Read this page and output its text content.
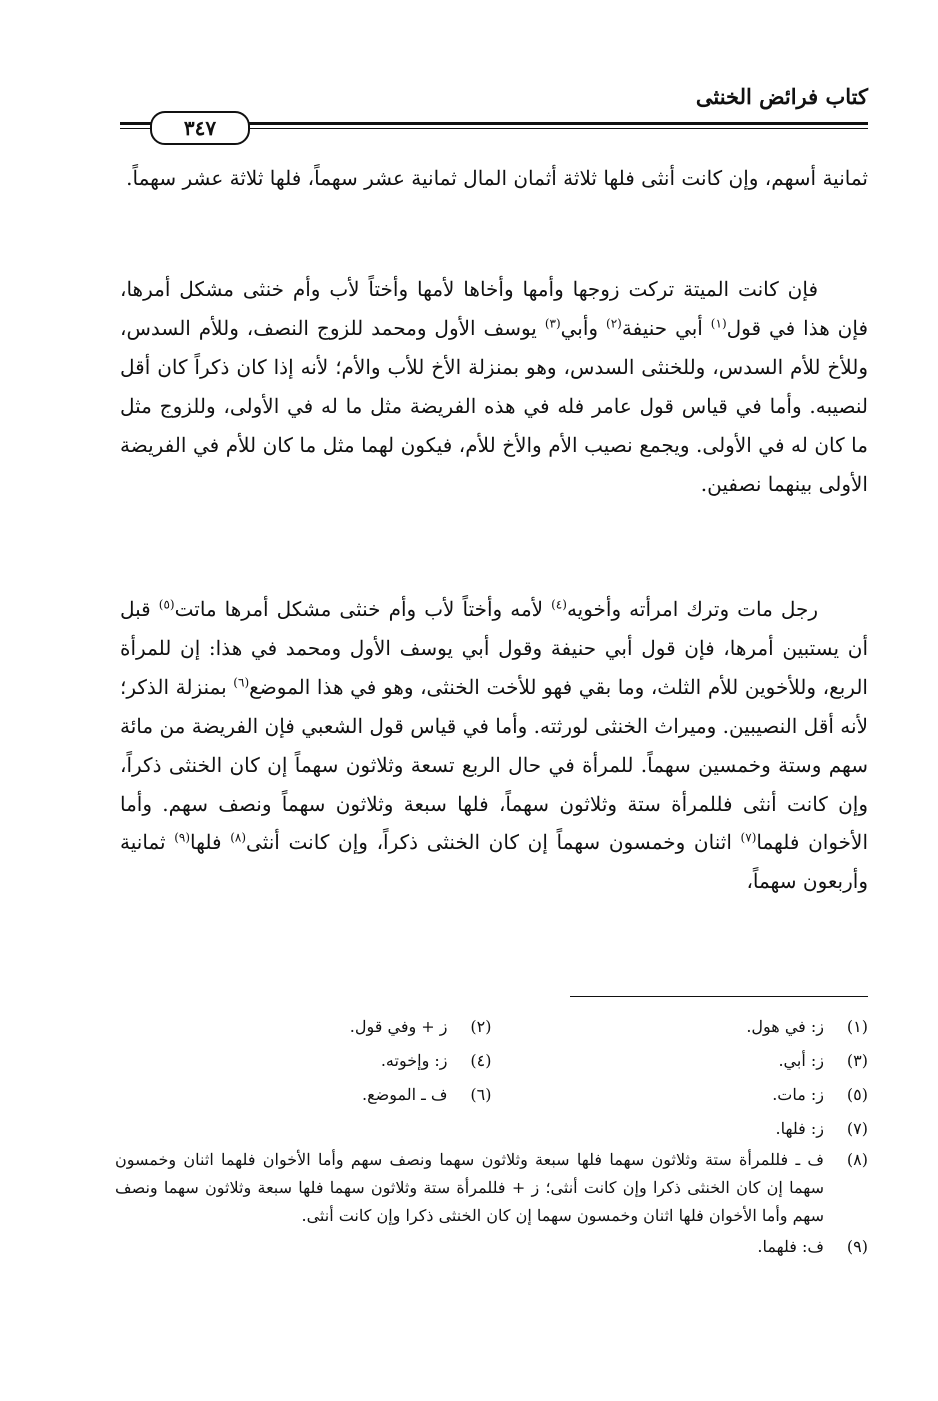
كتاب فرائض الخنثى
٣٤٧

ثمانية أسهم، وإن كانت أنثى فلها ثلاثة أثمان المال ثمانية عشر سهماً، فلها ثلاثة عشر سهماً.

فإن كانت الميتة تركت زوجها وأمها وأخاها لأمها وأختاً لأب وأم خنثى مشكل أمرها، فإن هذا في قول$^{(١)}$ أبي حنيفة$^{(٢)}$ وأبي$^{(٣)}$ يوسف الأول ومحمد للزوج النصف، وللأم السدس، وللأخ للأم السدس، وللخنثى السدس، وهو بمنزلة الأخ للأب والأم؛ لأنه إذا كان ذكراً كان أقل لنصيبه. وأما في قياس قول عامر فله في هذه الفريضة مثل ما له في الأولى، وللزوج مثل ما كان له في الأولى. ويجمع نصيب الأم والأخ للأم، فيكون لهما مثل ما كان للأم في الفريضة الأولى بينهما نصفين.

رجل مات وترك امرأته وأخويه$^{(٤)}$ لأمه وأختاً لأب وأم خنثى مشكل أمرها ماتت$^{(٥)}$ قبل أن يستبين أمرها، فإن قول أبي حنيفة وقول أبي يوسف الأول ومحمد في هذا: إن للمرأة الربع، وللأخوين للأم الثلث، وما بقي فهو للأخت الخنثى، وهو في هذا الموضع$^{(٦)}$ بمنزلة الذكر؛ لأنه أقل النصيبين. وميراث الخنثى لورثته. وأما في قياس قول الشعبي فإن الفريضة من مائة سهم وستة وخمسين سهماً. للمرأة في حال الربع تسعة وثلاثون سهماً إن كان الخنثى ذكراً، وإن كانت أنثى فللمرأة ستة وثلاثون سهماً، فلها سبعة وثلاثون سهماً ونصف سهم. وأما الأخوان فلهما$^{(٧)}$ اثنان وخمسون سهماً إن كان الخنثى ذكراً، وإن كانت أنثى$^{(٨)}$ فلها$^{(٩)}$ ثمانية وأربعون سهماً،

(١)
ز: في هول.
(٢)
ز + وفي قول.
(٣)
ز: أبي.
(٤)
ز: وإخوته.
(٥)
ز: مات.
(٦)
ف ـ الموضع.
(٧)
ز: فلها.
(٨)
ف ـ فللمرأة ستة وثلاثون سهما فلها سبعة وثلاثون سهما ونصف سهم وأما الأخوان فلهما اثنان وخمسون سهما إن كان الخنثى ذكرا وإن كانت أنثى؛ ز + فللمرأة ستة وثلاثون سهما فلها سبعة وثلاثون سهما ونصف سهم وأما الأخوان فلها اثنان وخمسون سهما إن كان الخنثى ذكرا وإن كانت أنثى.
(٩)
ف: فلهما.
